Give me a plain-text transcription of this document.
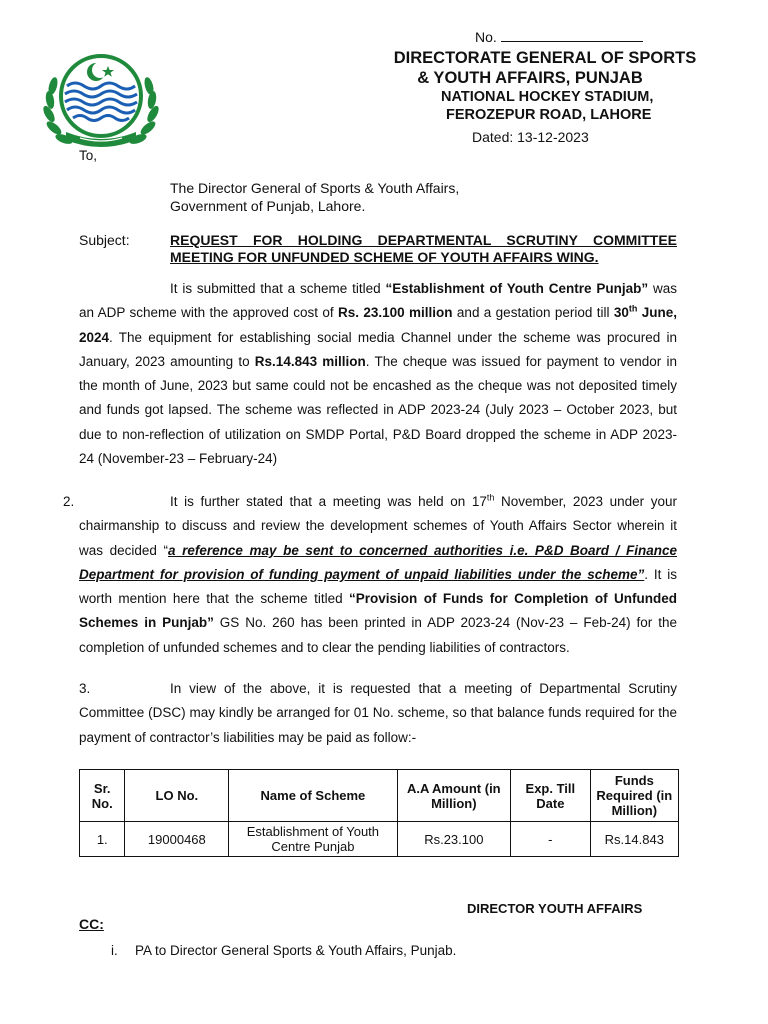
No.
DIRECTORATE GENERAL OF SPORTS
& YOUTH AFFAIRS, PUNJAB
NATIONAL HOCKEY STADIUM,
FEROZEPUR ROAD, LAHORE
Dated: 13-12-2023
To,
The Director General of Sports & Youth Affairs,
Government of Punjab, Lahore.
Subject:	REQUEST FOR HOLDING DEPARTMENTAL SCRUTINY COMMITTEE
MEETING FOR UNFUNDED SCHEME OF YOUTH AFFAIRS WING.
It is submitted that a scheme titled “Establishment of Youth Centre Punjab” was an ADP scheme with the approved cost of Rs. 23.100 million and a gestation period till 30th June, 2024. The equipment for establishing social media Channel under the scheme was procured in January, 2023 amounting to Rs.14.843 million. The cheque was issued for payment to vendor in the month of June, 2023 but same could not be encashed as the cheque was not deposited timely and funds got lapsed. The scheme was reflected in ADP 2023-24 (July 2023 – October 2023, but due to non-reflection of utilization on SMDP Portal, P&D Board dropped the scheme in ADP 2023-24 (November-23 – February-24)
2.	It is further stated that a meeting was held on 17th November, 2023 under your chairmanship to discuss and review the development schemes of Youth Affairs Sector wherein it was decided “a reference may be sent to concerned authorities i.e. P&D Board / Finance Department for provision of funding payment of unpaid liabilities under the scheme”. It is worth mention here that the scheme titled “Provision of Funds for Completion of Unfunded Schemes in Punjab” GS No. 260 has been printed in ADP 2023-24 (Nov-23 – Feb-24) for the completion of unfunded schemes and to clear the pending liabilities of contractors.
3.	In view of the above, it is requested that a meeting of Departmental Scrutiny Committee (DSC) may kindly be arranged for 01 No. scheme, so that balance funds required for the payment of contractor’s liabilities may be paid as follow:-
Sr. No.	LO No.	Name of Scheme	A.A Amount (in Million)	Exp. Till Date	Funds Required (in Million)
1.	19000468	Establishment of Youth Centre Punjab	Rs.23.100	-	Rs.14.843
DIRECTOR YOUTH AFFAIRS
CC:
i. PA to Director General Sports & Youth Affairs, Punjab.
